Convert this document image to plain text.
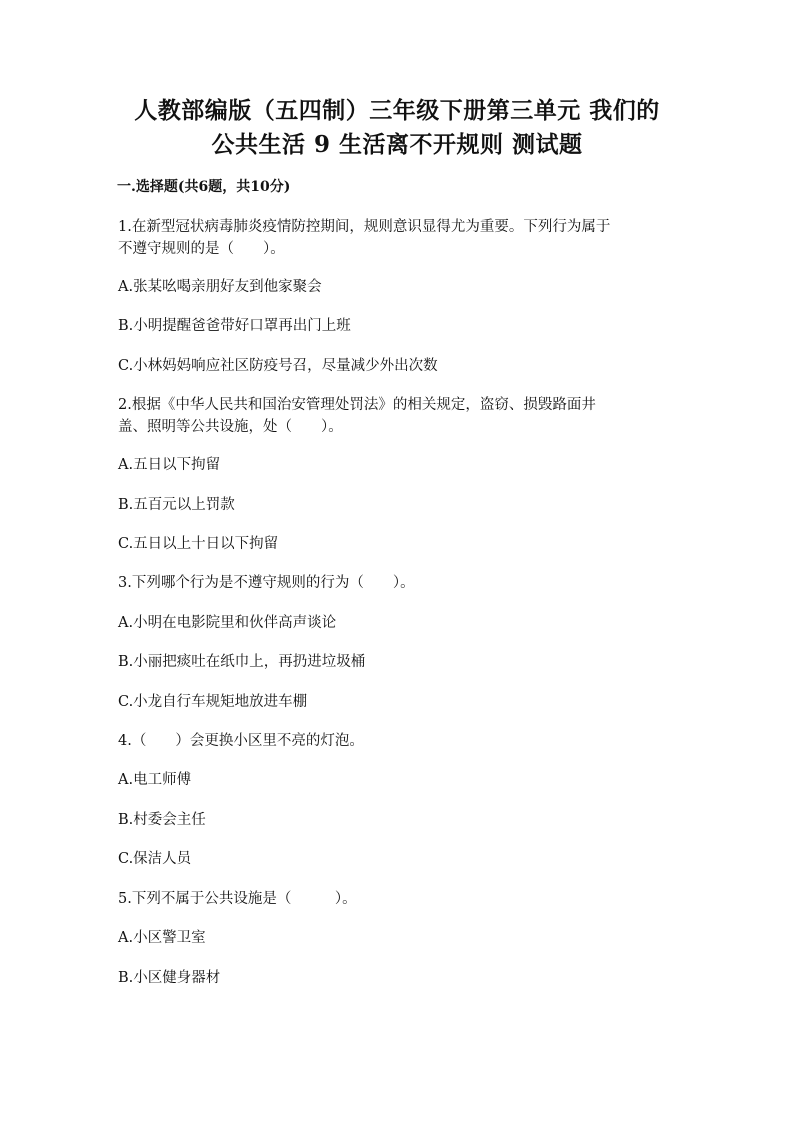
人教部编版（五四制）三年级下册第三单元 我们的
公共生活 9 生活离不开规则 测试题
一.选择题(共6题，共10分)
1.在新型冠状病毒肺炎疫情防控期间，规则意识显得尤为重要。下列行为属于
不遵守规则的是（　　）。
A.张某吆喝亲朋好友到他家聚会
B.小明提醒爸爸带好口罩再出门上班
C.小林妈妈响应社区防疫号召，尽量减少外出次数
2.根据《中华人民共和国治安管理处罚法》的相关规定，盗窃、损毁路面井
盖、照明等公共设施，处（　　）。
A.五日以下拘留
B.五百元以上罚款
C.五日以上十日以下拘留
3.下列哪个行为是不遵守规则的行为（　　）。
A.小明在电影院里和伙伴高声谈论
B.小丽把痰吐在纸巾上，再扔进垃圾桶
C.小龙自行车规矩地放进车棚
4.（　　）会更换小区里不亮的灯泡。
A.电工师傅
B.村委会主任
C.保洁人员
5.下列不属于公共设施是（　　　）。
A.小区警卫室
B.小区健身器材
